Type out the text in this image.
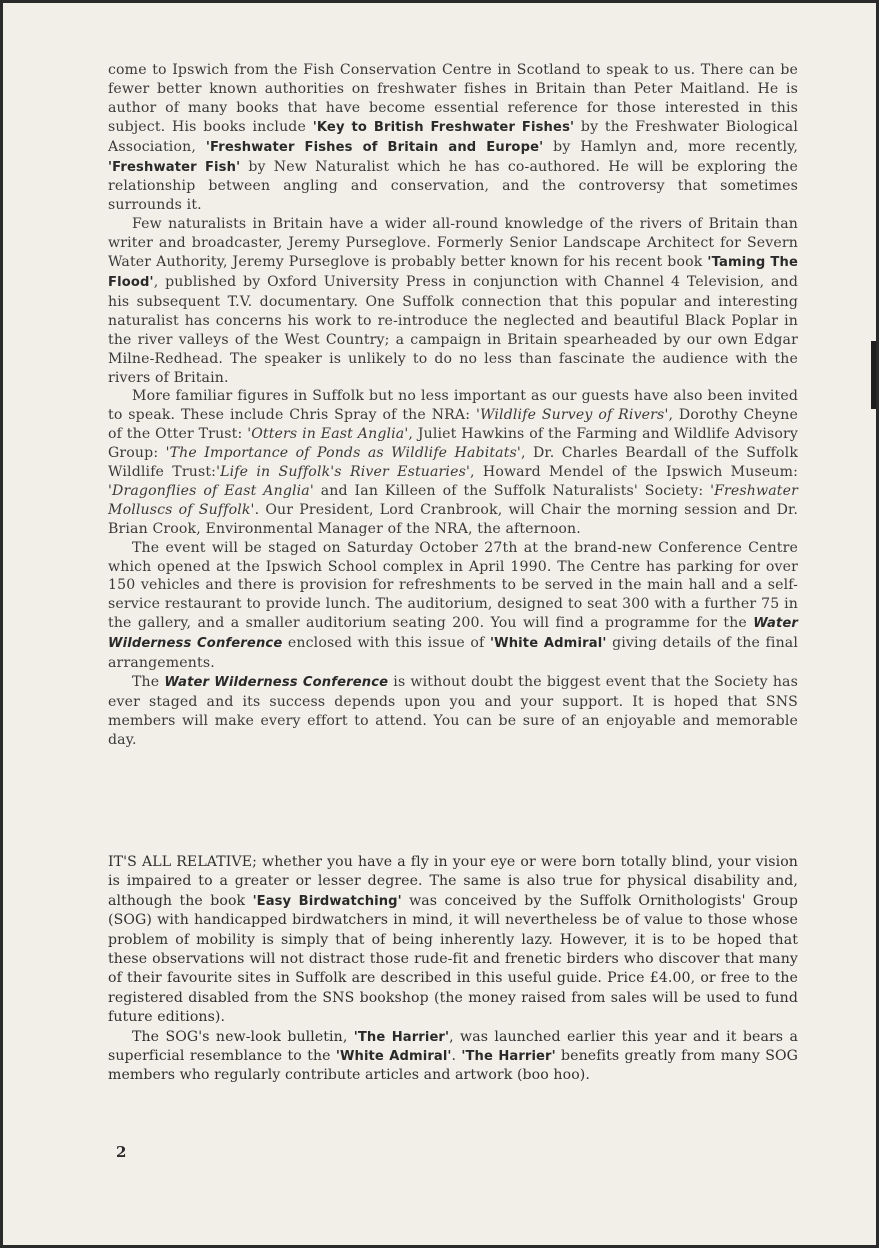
come to Ipswich from the Fish Conservation Centre in Scotland to speak to us. There can be fewer better known authorities on freshwater fishes in Britain than Peter Maitland. He is author of many books that have become essential reference for those interested in this subject. His books include 'Key to British Freshwater Fishes' by the Freshwater Biological Association, 'Freshwater Fishes of Britain and Europe' by Hamlyn and, more recently, 'Freshwater Fish' by New Naturalist which he has co-authored. He will be exploring the relationship between angling and conservation, and the controversy that sometimes surrounds it.

Few naturalists in Britain have a wider all-round knowledge of the rivers of Britain than writer and broadcaster, Jeremy Purseglove. Formerly Senior Landscape Architect for Severn Water Authority, Jeremy Purseglove is probably better known for his recent book 'Taming The Flood', published by Oxford University Press in conjunction with Channel 4 Television, and his subsequent T.V. documentary. One Suffolk connection that this popular and interesting naturalist has concerns his work to re-introduce the neglected and beautiful Black Poplar in the river valleys of the West Country; a campaign in Britain spearheaded by our own Edgar Milne-Redhead. The speaker is unlikely to do no less than fascinate the audience with the rivers of Britain.

More familiar figures in Suffolk but no less important as our guests have also been invited to speak. These include Chris Spray of the NRA: 'Wildlife Survey of Rivers', Dorothy Cheyne of the Otter Trust: 'Otters in East Anglia', Juliet Hawkins of the Farming and Wildlife Advisory Group: 'The Importance of Ponds as Wildlife Habitats', Dr. Charles Beardall of the Suffolk Wildlife Trust:'Life in Suffolk's River Estuaries', Howard Mendel of the Ipswich Museum: 'Dragonflies of East Anglia' and Ian Killeen of the Suffolk Naturalists' Society: 'Freshwater Molluscs of Suffolk'. Our President, Lord Cranbrook, will Chair the morning session and Dr. Brian Crook, Environmental Manager of the NRA, the afternoon.

The event will be staged on Saturday October 27th at the brand-new Conference Centre which opened at the Ipswich School complex in April 1990. The Centre has parking for over 150 vehicles and there is provision for refreshments to be served in the main hall and a self-service restaurant to provide lunch. The auditorium, designed to seat 300 with a further 75 in the gallery, and a smaller auditorium seating 200. You will find a programme for the Water Wilderness Conference enclosed with this issue of 'White Admiral' giving details of the final arrangements.

The Water Wilderness Conference is without doubt the biggest event that the Society has ever staged and its success depends upon you and your support. It is hoped that SNS members will make every effort to attend. You can be sure of an enjoyable and memorable day.

IT'S ALL RELATIVE; whether you have a fly in your eye or were born totally blind, your vision is impaired to a greater or lesser degree. The same is also true for physical disability and, although the book 'Easy Birdwatching' was conceived by the Suffolk Ornithologists' Group (SOG) with handicapped birdwatchers in mind, it will nevertheless be of value to those whose problem of mobility is simply that of being inherently lazy. However, it is to be hoped that these observations will not distract those rude-fit and frenetic birders who discover that many of their favourite sites in Suffolk are described in this useful guide. Price £4.00, or free to the registered disabled from the SNS bookshop (the money raised from sales will be used to fund future editions).

The SOG's new-look bulletin, 'The Harrier', was launched earlier this year and it bears a superficial resemblance to the 'White Admiral'. 'The Harrier' benefits greatly from many SOG members who regularly contribute articles and artwork (boo hoo).

2
